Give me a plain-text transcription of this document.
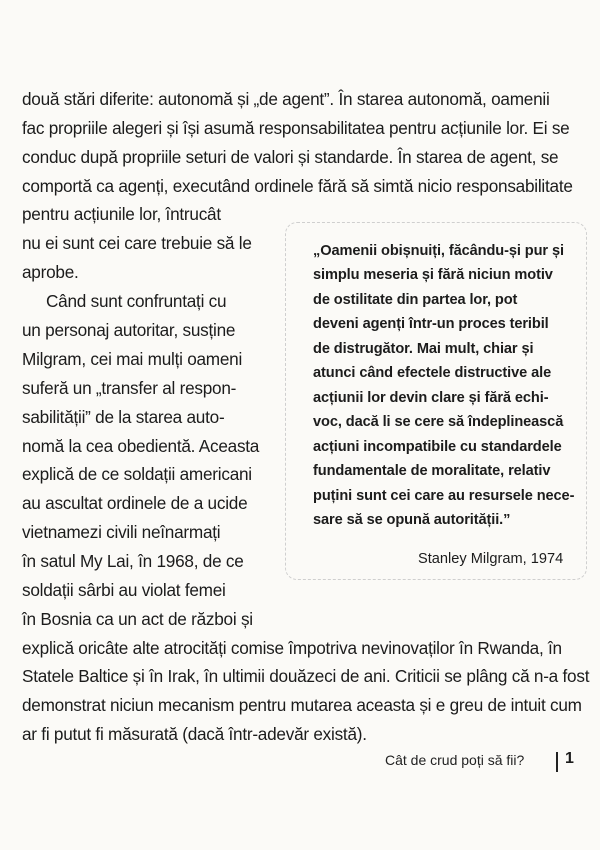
două stări diferite: autonomă și „de agent”. În starea autonomă, oamenii
fac propriile alegeri și își asumă responsabilitatea pentru acțiunile lor. Ei se
conduc după propriile seturi de valori și standarde. În starea de agent, se
comportă ca agenți, executând ordinele fără să simtă nicio responsabilitate
pentru acțiunile lor, întrucât
nu ei sunt cei care trebuie să le
aprobe.
Când sunt confruntați cu
un personaj autoritar, susține
Milgram, cei mai mulți oameni
suferă un „transfer al respon-
sabilității” de la starea auto-
nomă la cea obedientă. Aceasta
explică de ce soldații americani
au ascultat ordinele de a ucide
vietnamezi civili neînarmați
în satul My Lai, în 1968, de ce
soldații sârbi au violat femei
în Bosnia ca un act de război și
explică oricâte alte atrocități comise împotriva nevinovaților în Rwanda, în
Statele Baltice și în Irak, în ultimii douăzeci de ani. Criticii se plâng că n-a fost
demonstrat niciun mecanism pentru mutarea aceasta și e greu de intuit cum
ar fi putut fi măsurată (dacă într-adevăr există).
„Oamenii obișnuiți, făcându-și pur și
simplu meseria și fără niciun motiv
de ostilitate din partea lor, pot
deveni agenți într-un proces teribil
de distrugător. Mai mult, chiar și
atunci când efectele distructive ale
acțiunii lor devin clare și fără echi-
voc, dacă li se cere să îndeplinească
acțiuni incompatibile cu standardele
fundamentale de moralitate, relativ
puțini sunt cei care au resursele nece-
sare să se opună autorității.”
Stanley Milgram, 1974
Cât de crud poți să fii?	1
